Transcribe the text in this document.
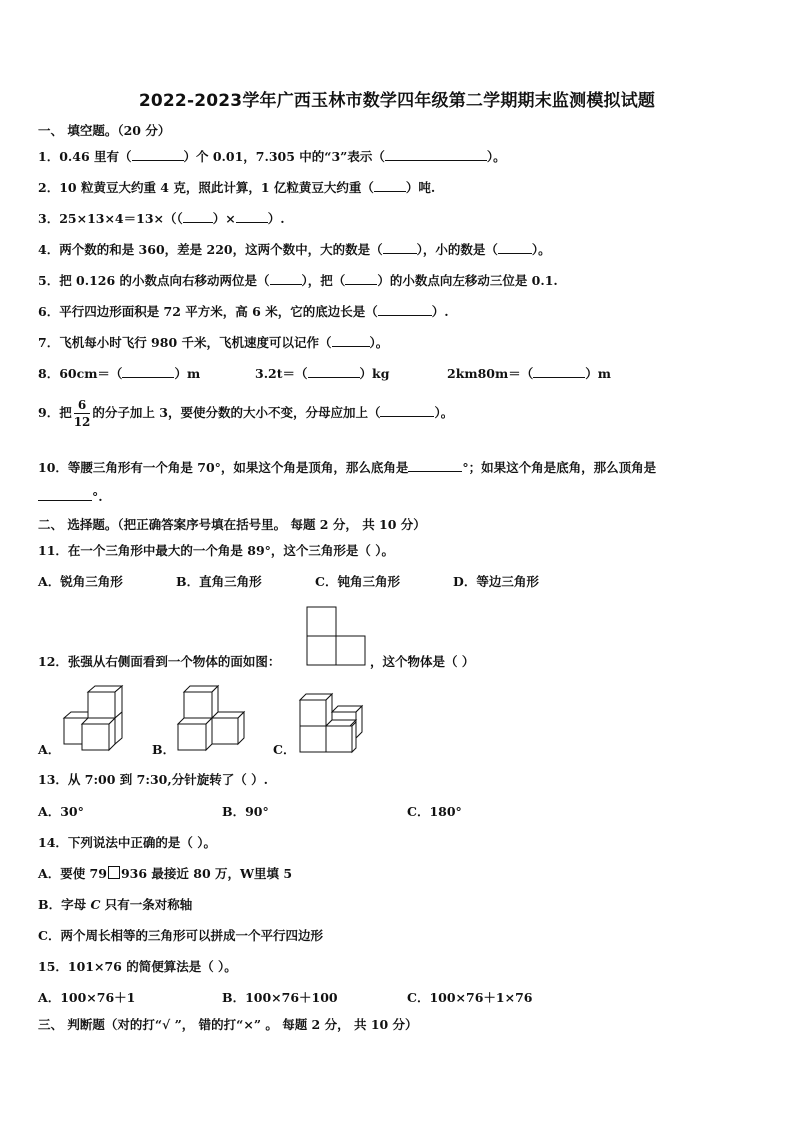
2022-2023学年广西玉林市数学四年级第二学期期末监测模拟试题
一、 填空题。（20 分）
1．0.46 里有（	）个 0.01，7.305 中的“3”表示（	）。
2．10 粒黄豆大约重 4 克，照此计算，1 亿粒黄豆大约重（	）吨.
3．25×13×4＝13×（（ ）×	）.
4．两个数的和是 360，差是 220，这两个数中，大的数是（	），小的数是（	）。
5．把 0.126 的小数点向右移动两位是（	），把（	）的小数点向左移动三位是 0.1.
6．平行四边形面积是 72 平方米，高 6 米，它的底边长是（	）.
7．飞机每小时飞行 980 千米，飞机速度可以记作（	）。
8．60cm＝（	）m	3.2t＝（	）kg	2km80m＝（	）m
9．把 $\frac{6}{12}$ 的分子加上 3，要使分数的大小不变，分母应加上（	）。
10．等腰三角形有一个角是 70°，如果这个角是顶角，那么底角是	°；如果这个角是底角，那么顶角是
°.
二、 选择题。（把正确答案序号填在括号里。 每题 2 分， 共 10 分）
11．在一个三角形中最大的一个角是 89°，这个三角形是（ ）。
A．锐角三角形	B．直角三角形	C．钝角三角形	D．等边三角形
12．张强从右侧面看到一个物体的面如图：	，这个物体是（ ）
A．	B．	C．
13．从 7:00 到 7:30,分针旋转了（ ）.
A．30°	B．90°	C．180°
14．下列说法中正确的是（ ）。
A．要使 79 936 最接近 80 万，W里填 5
B．字母 C 只有一条对称轴
C．两个周长相等的三角形可以拼成一个平行四边形
15．101×76 的简便算法是（ ）。
A．100×76＋1	B．100×76＋100	C．100×76＋1×76
三、 判断题（对的打“√ ”， 错的打“×” 。 每题 2 分， 共 10 分）
